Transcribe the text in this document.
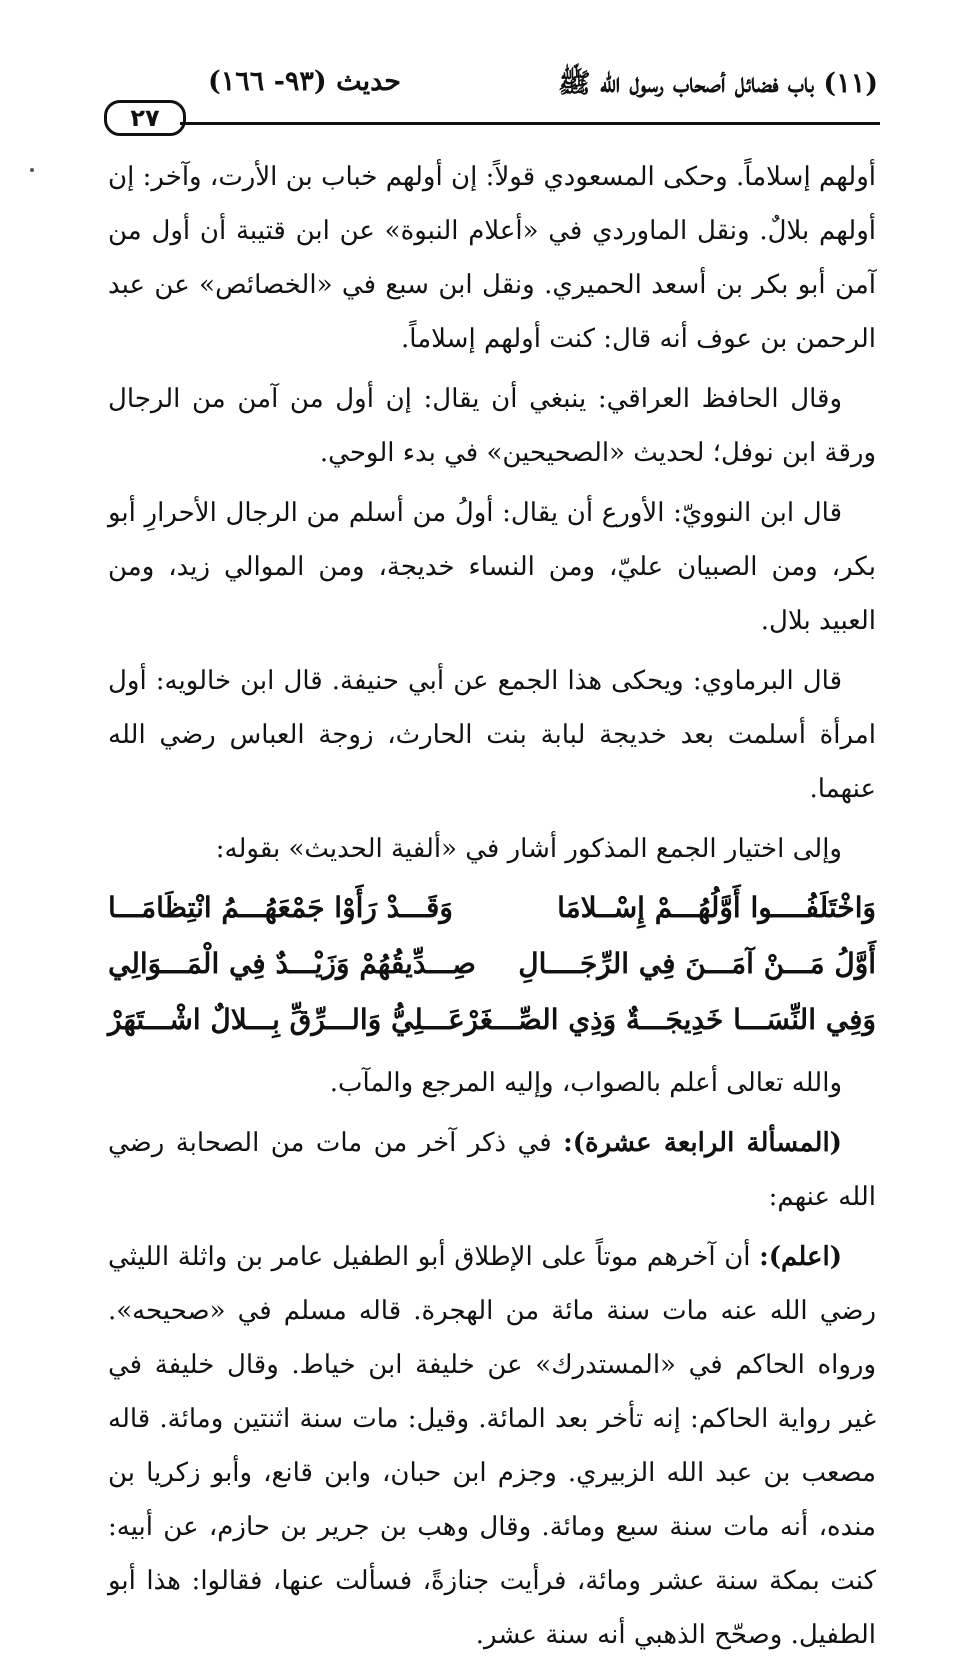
(١١) باب فضائل أصحاب رسول الله ﷺ
حديث (٩٣- ١٦٦)
٢٧

أولهم إسلاماً. وحكى المسعودي قولاً: إن أولهم خباب بن الأرت، وآخر: إن أولهم بلالٌ. ونقل الماوردي في «أعلام النبوة» عن ابن قتيبة أن أول من آمن أبو بكر بن أسعد الحميري. ونقل ابن سبع في «الخصائص» عن عبد الرحمن بن عوف أنه قال: كنت أولهم إسلاماً.

وقال الحافظ العراقي: ينبغي أن يقال: إن أول من آمن من الرجال ورقة ابن نوفل؛ لحديث «الصحيحين» في بدء الوحي.

قال ابن النوويّ: الأورع أن يقال: أولُ من أسلم من الرجال الأحرارِ أبو بكر، ومن الصبيان عليّ، ومن النساء خديجة، ومن الموالي زيد، ومن العبيد بلال.

قال البرماوي: ويحكى هذا الجمع عن أبي حنيفة. قال ابن خالويه: أول امرأة أسلمت بعد خديجة لبابة بنت الحارث، زوجة العباس رضي الله عنهما.

وإلى اختيار الجمع المذكور أشار في «ألفية الحديث» بقوله:

وَاخْتَلَفُــــوا أَوَّلُهُـــمْ إِسْــلامَا
وَقَـــدْ رَأَوْا جَمْعَهُـــمُ انْتِظَامَـــا
أَوَّلُ مَـــنْ آمَـــنَ فِي الرِّجَــــالِ
صِـــدِّيقُهُمْ وَزَيْـــدٌ فِي الْمَـــوَالِي
وَفِي النِّسَـــا خَدِيجَـــةٌ وَذِي الصِّـــغَرْ
عَـــلِيُّ وَالـــرِّقِّ بِـــلالٌ اشْـــتَهَرْ

والله تعالى أعلم بالصواب، وإليه المرجع والمآب.

(المسألة الرابعة عشرة): في ذكر آخر من مات من الصحابة رضي الله عنهم:

(اعلم): أن آخرهم موتاً على الإطلاق أبو الطفيل عامر بن واثلة الليثي رضي الله عنه مات سنة مائة من الهجرة. قاله مسلم في «صحيحه». ورواه الحاكم في «المستدرك» عن خليفة ابن خياط. وقال خليفة في غير رواية الحاكم: إنه تأخر بعد المائة. وقيل: مات سنة اثنتين ومائة. قاله مصعب بن عبد الله الزبيري. وجزم ابن حبان، وابن قانع، وأبو زكريا بن منده، أنه مات سنة سبع ومائة. وقال وهب بن جرير بن حازم، عن أبيه: كنت بمكة سنة عشر ومائة، فرأيت جنازةً، فسألت عنها، فقالوا: هذا أبو الطفيل. وصحّح الذهبي أنه سنة عشر.
